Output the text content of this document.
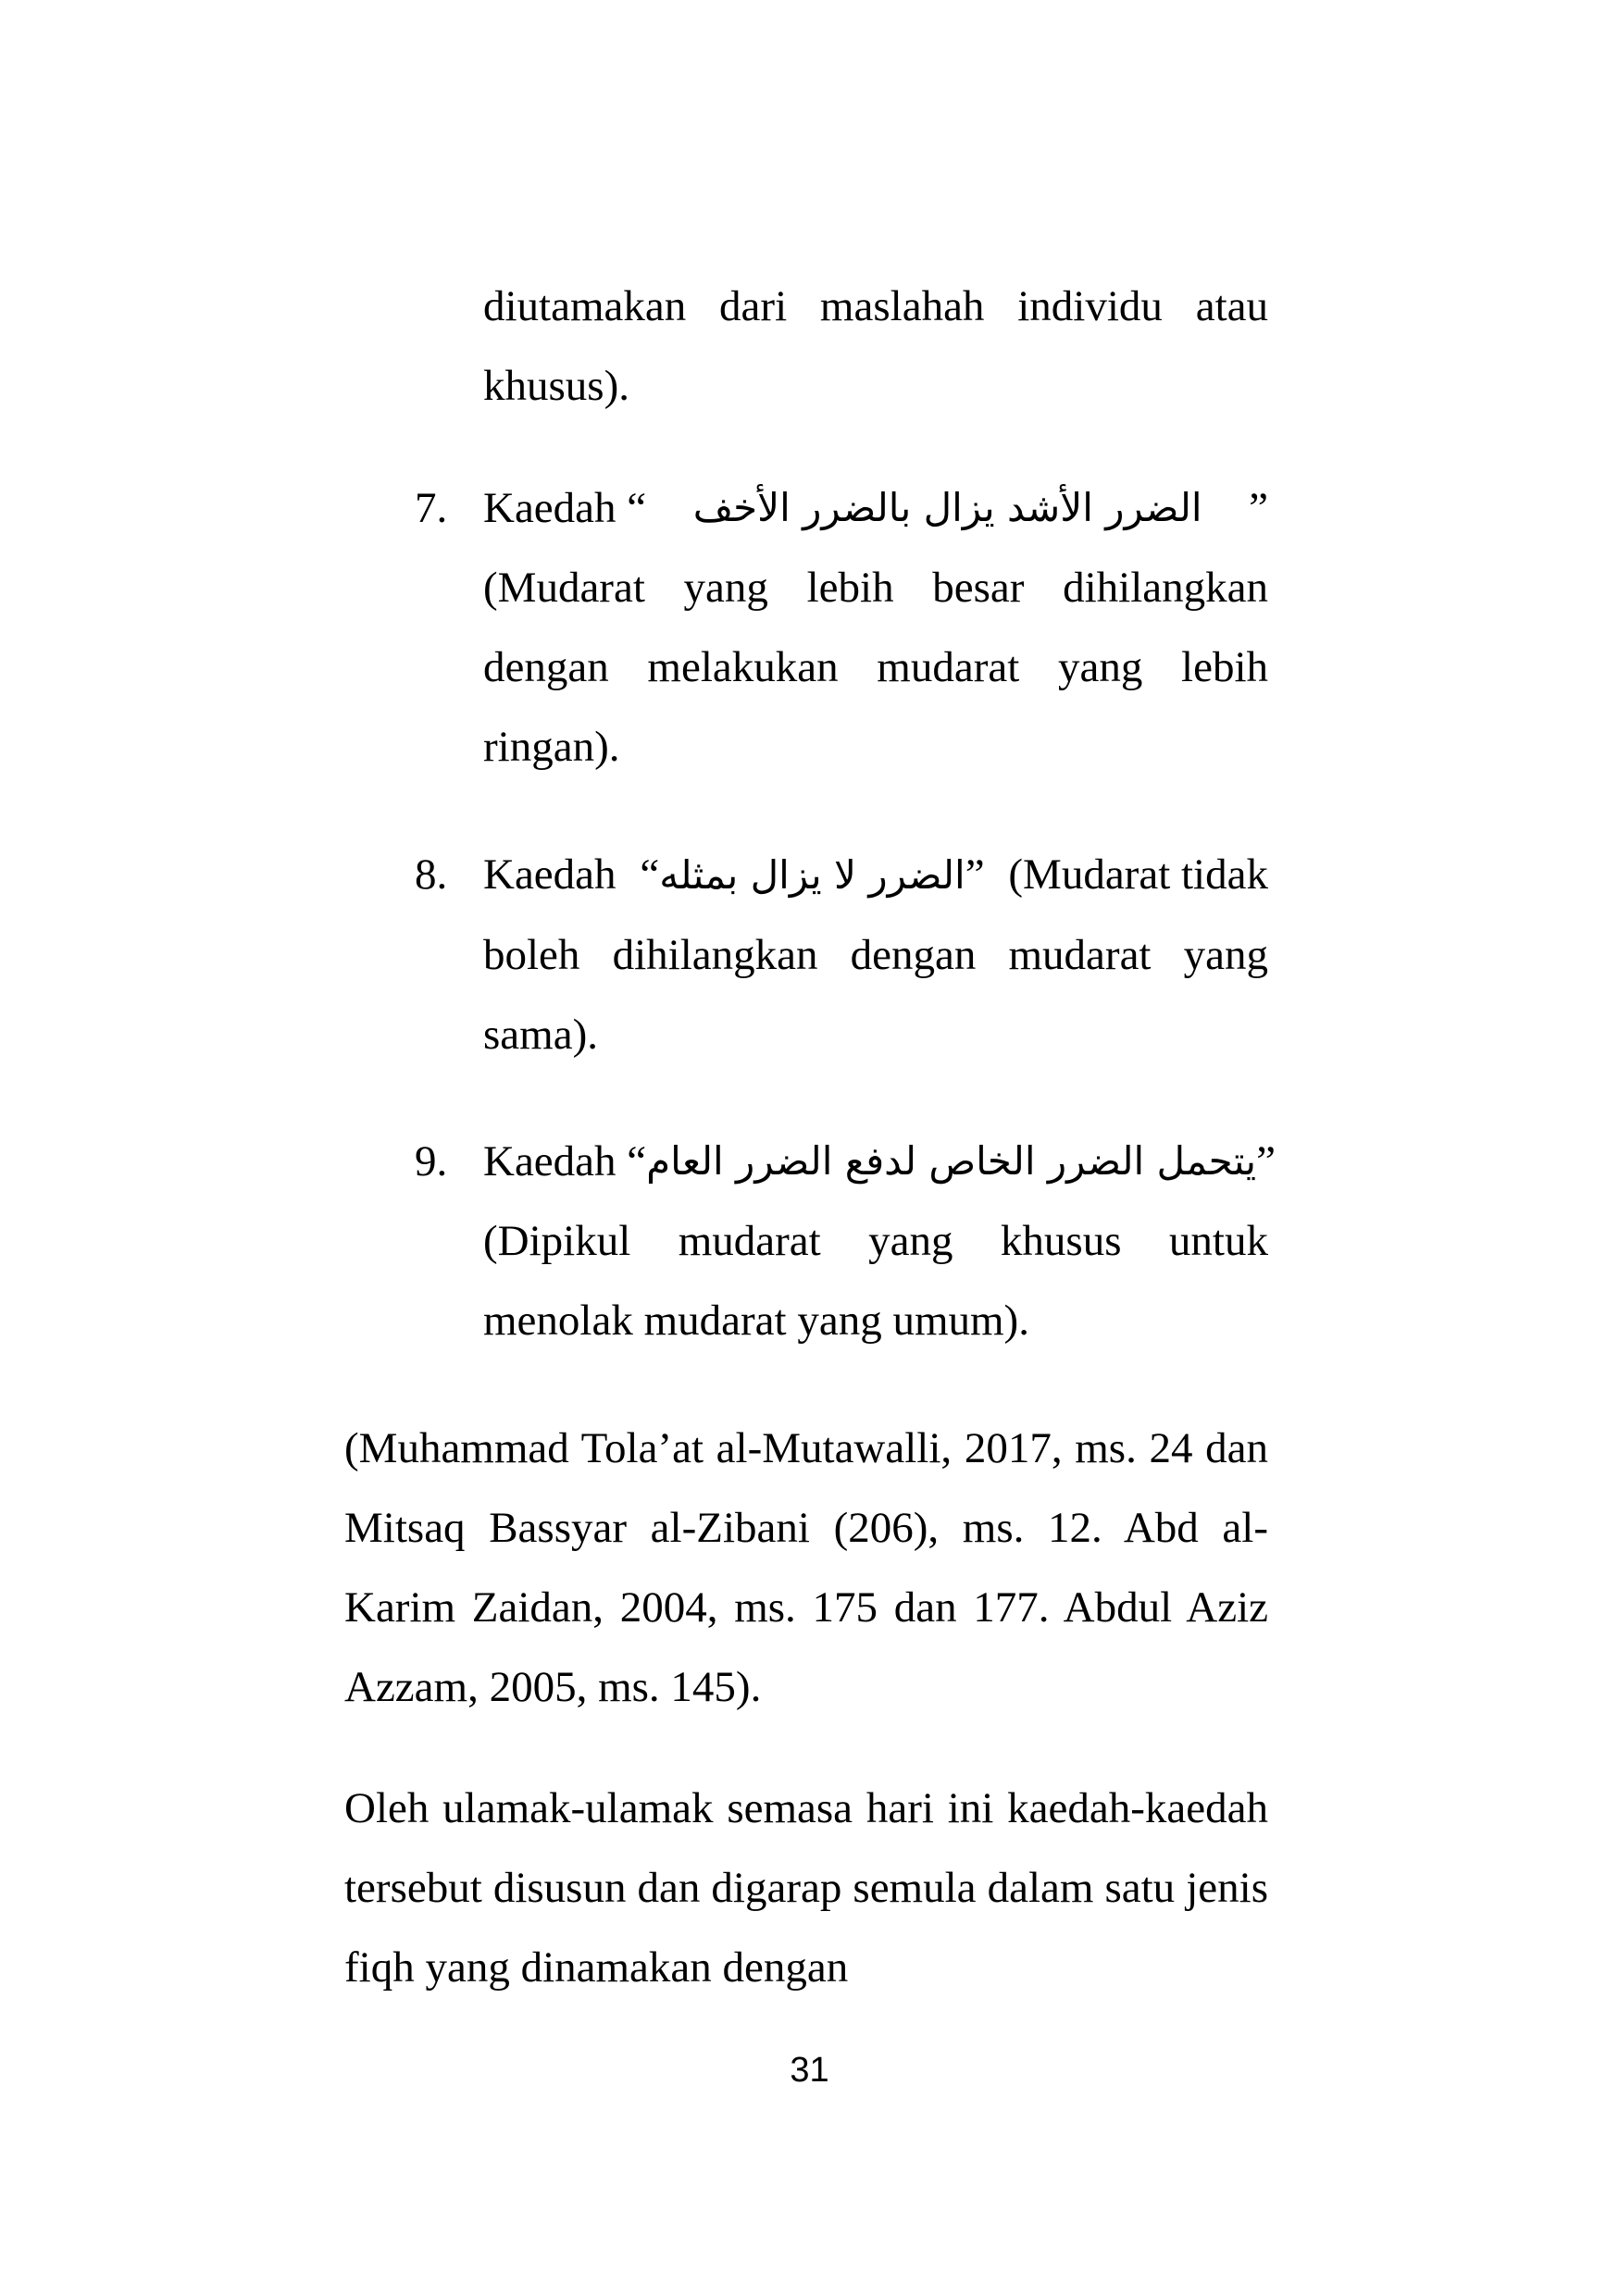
diutamakan dari maslahah individu atau khusus).

7. Kaedah “ الضرر الأشد يزال بالضرر الأخف ”
(Mudarat yang lebih besar dihilangkan dengan melakukan mudarat yang lebih ringan).
8. Kaedah “الضرر لا يزال بمثله” (Mudarat tidak
boleh dihilangkan dengan mudarat yang sama).
9. Kaedah “ يتحمل الضرر الخاص لدفع الضرر العام ”
(Dipikul mudarat yang khusus untuk menolak mudarat yang umum).

(Muhammad Tola’at al-Mutawalli, 2017, ms. 24 dan Mitsaq Bassyar al-Zibani (206), ms. 12. Abd al-Karim Zaidan, 2004, ms. 175 dan 177. Abdul Aziz Azzam, 2005, ms. 145).

Oleh ulamak-ulamak semasa hari ini kaedah-kaedah tersebut disusun dan digarap semula dalam satu jenis fiqh yang dinamakan dengan

31
